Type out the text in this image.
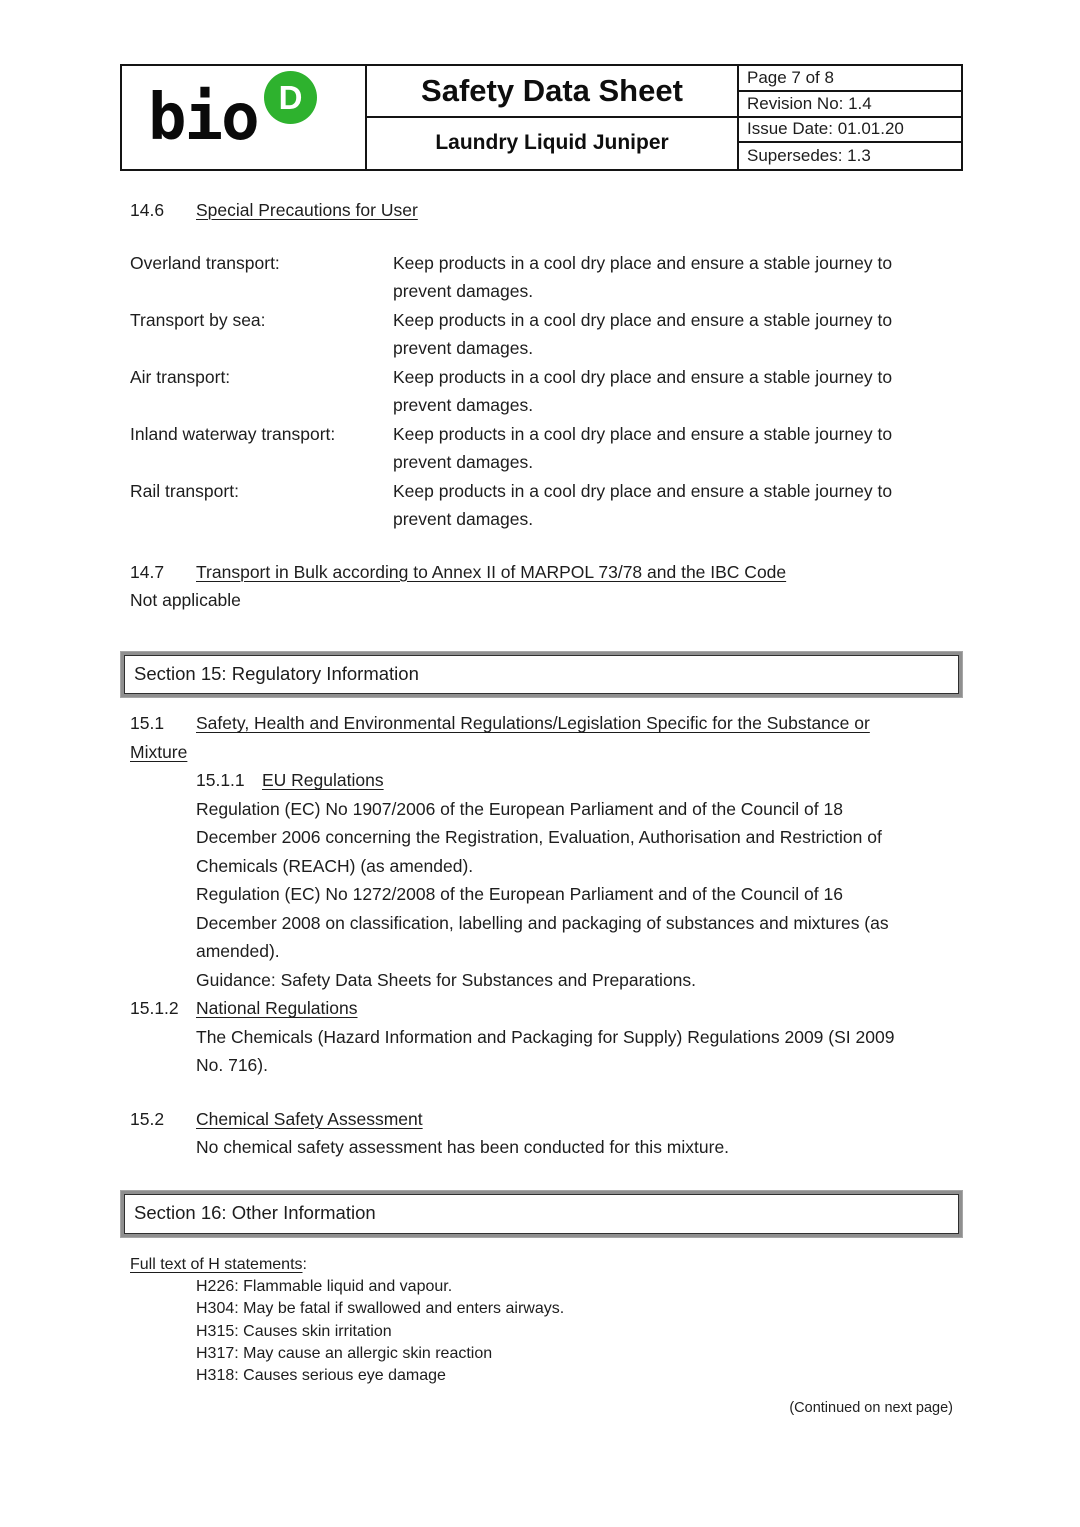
bio D	Safety Data Sheet
Laundry Liquid Juniper
Page 7 of 8
Revision No: 1.4
Issue Date: 01.01.20
Supersedes: 1.3
14.6	Special Precautions for User
Overland transport:	Keep products in a cool dry place and ensure a stable journey to prevent damages.
Transport by sea:	Keep products in a cool dry place and ensure a stable journey to prevent damages.
Air transport:	Keep products in a cool dry place and ensure a stable journey to prevent damages.
Inland waterway transport:	Keep products in a cool dry place and ensure a stable journey to prevent damages.
Rail transport:	Keep products in a cool dry place and ensure a stable journey to prevent damages.
14.7	Transport in Bulk according to Annex II of MARPOL 73/78 and the IBC Code
Not applicable
Section 15: Regulatory Information
15.1	Safety, Health and Environmental Regulations/Legislation Specific for the Substance or
Mixture
15.1.1 EU Regulations
Regulation (EC) No 1907/2006 of the European Parliament and of the Council of 18 December 2006 concerning the Registration, Evaluation, Authorisation and Restriction of Chemicals (REACH) (as amended).
Regulation (EC) No 1272/2008 of the European Parliament and of the Council of 16 December 2008 on classification, labelling and packaging of substances and mixtures (as amended).
Guidance: Safety Data Sheets for Substances and Preparations.
15.1.2 National Regulations
The Chemicals (Hazard Information and Packaging for Supply) Regulations 2009 (SI 2009 No. 716).
15.2	Chemical Safety Assessment
No chemical safety assessment has been conducted for this mixture.
Section 16: Other Information
Full text of H statements:
H226: Flammable liquid and vapour.
H304: May be fatal if swallowed and enters airways.
H315: Causes skin irritation
H317: May cause an allergic skin reaction
H318: Causes serious eye damage
(Continued on next page)
